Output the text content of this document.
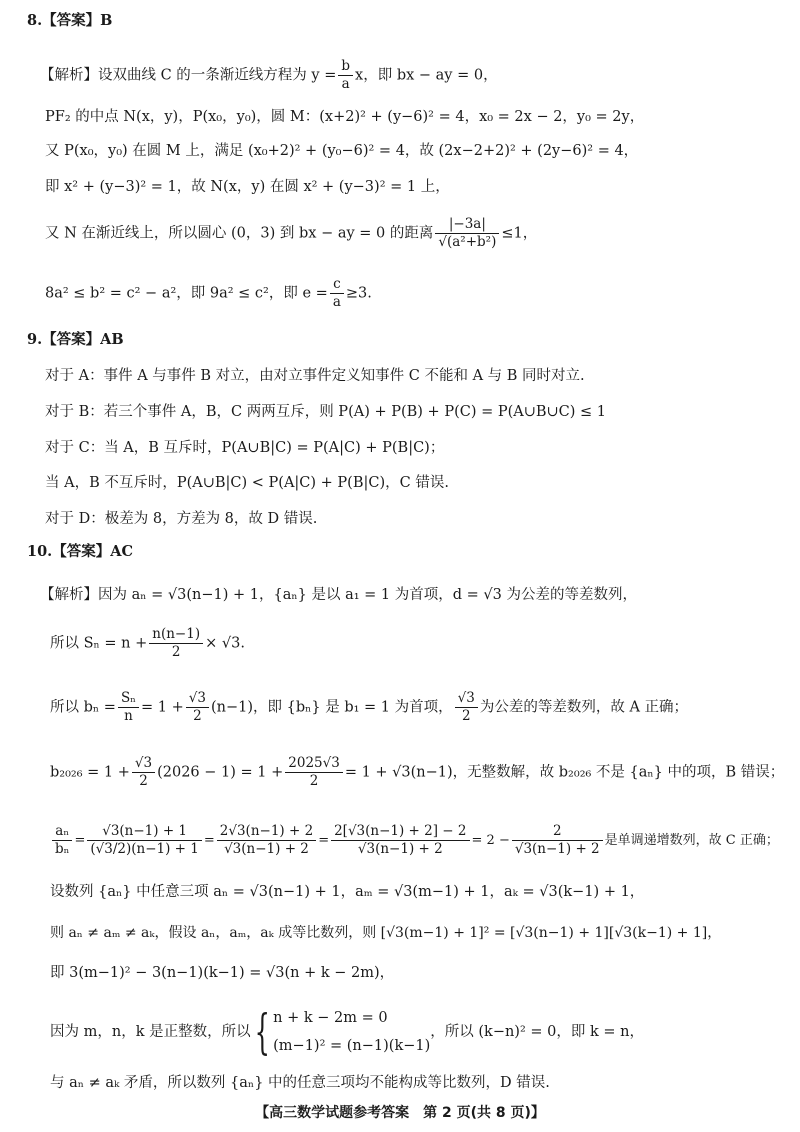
8.【答案】B
【解析】设双曲线 C 的一条渐近线方程为 $y = \frac{b}{a}$ x，即 bx − ay = 0，
PF₂ 的中点 N(x，y)，P(x₀，y₀)，圆 M：(x+2)² + (y−6)² = 4，x₀ = 2x − 2，y₀ = 2y，
又 P(x₀，y₀) 在圆 M 上，满足 (x₀+2)² + (y₀−6)² = 4，故 (2x−2+2)² + (2y−6)² = 4，
即 x² + (y−3)² = 1，故 N(x，y) 在圆 x² + (y−3)² = 1 上，
又 N 在渐近线上，所以圆心 (0，3) 到 bx − ay = 0 的距离 $\frac{|-3a|}{\text{√(a²+b²)}} \le 1$，
8a² ≤ b² = c² − a²，即 9a² ≤ c²，即 $e = \frac{c}{a} \ge 3$.
9.【答案】AB
对于 A：事件 A 与事件 B 对立，由对立事件定义知事件 C 不能和 A 与 B 同时对立.
对于 B：若三个事件 A，B，C 两两互斥，则 P(A) + P(B) + P(C) = P(A∪B∪C) ≤ 1
对于 C：当 A，B 互斥时，P(A∪B|C) = P(A|C) + P(B|C)；
当 A，B 不互斥时，P(A∪B|C) < P(A|C) + P(B|C)，C 错误.
对于 D：极差为 8，方差为 8，故 D 错误.
10.【答案】AC
【解析】因为 aₙ = √3(n−1) + 1，{aₙ} 是以 a₁ = 1 为首项，d = √3 为公差的等差数列，
所以 $S_n = n + \frac{n(n-1)}{2} \times √3$.
所以 $b_n = \frac{\text{Sₙ}}{n} = 1 + \frac{√3}{2} (n-1)$，即 {bₙ} 是 b₁ = 1 为首项， $\frac{√3}{2}$ 为公差的等差数列，故 A 正确；
$b_{2026} = 1 + \frac{√3}{2} (2026 - 1) = 1 + \frac{2025√3}{2} = 1 + √3(n-1)$，无整数解，故 b₂₀₂₆ 不是 {aₙ} 中的项，B 错误；
$\frac{\text{aₙ}}{\text{bₙ}} = \frac{√3(n-1) + 1}{(√3/2)(n-1) + 1} = \frac{2√3(n-1) + 2}{√3(n-1) + 2} = \frac{2[√3(n-1) + 2] - 2}{√3(n-1) + 2} = 2 - \frac{2}{√3(n-1) + 2}$ 是单调递增数列，故 C 正确；
设数列 {aₙ} 中任意三项 aₙ = √3(n−1) + 1，aₘ = √3(m−1) + 1，aₖ = √3(k−1) + 1，
则 aₙ ≠ aₘ ≠ aₖ，假设 aₙ，aₘ，aₖ 成等比数列，则 [√3(m−1) + 1]² = [√3(n−1) + 1][√3(k−1) + 1]，
即 3(m−1)² − 3(n−1)(k−1) = √3(n + k − 2m)，
因为 m，n，k 是正整数，所以{ n + k − 2m = 0
(m−1)² = (n−1)(k−1)
，所以 (k−n)² = 0，即 k = n，
与 aₙ ≠ aₖ 矛盾，所以数列 {aₙ} 中的任意三项均不能构成等比数列，D 错误.
【高三数学试题参考答案　第 2 页(共 8 页)】
